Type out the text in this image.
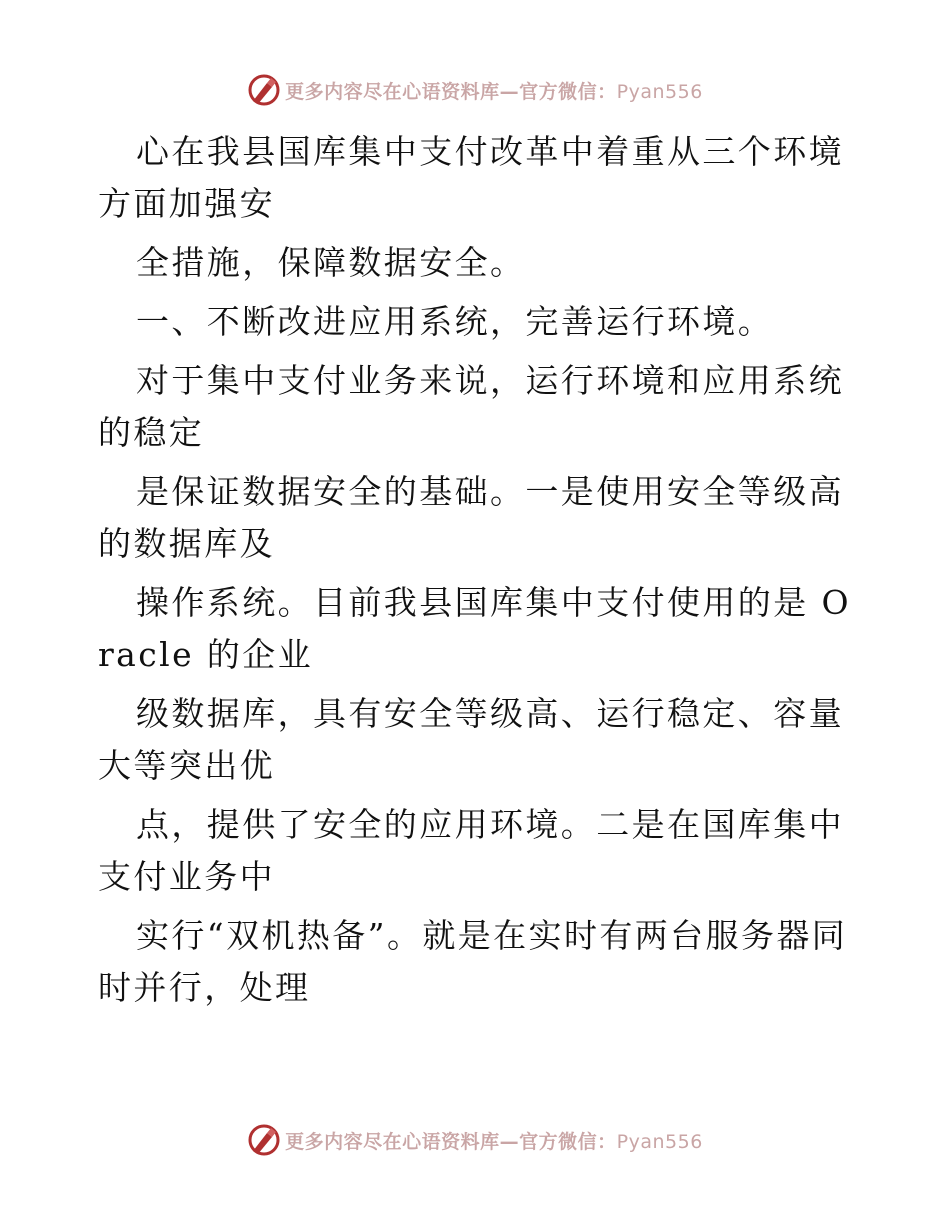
更多内容尽在心语资料库—官方微信：Pyan556

心在我县国库集中支付改革中着重从三个环境方面加强安

全措施，保障数据安全。

一、不断改进应用系统，完善运行环境。

对于集中支付业务来说，运行环境和应用系统的稳定

是保证数据安全的基础。一是使用安全等级高的数据库及

操作系统。目前我县国库集中支付使用的是 Oracle 的企业

级数据库，具有安全等级高、运行稳定、容量大等突出优

点，提供了安全的应用环境。二是在国库集中支付业务中

实行“双机热备”。就是在实时有两台服务器同时并行，处理

更多内容尽在心语资料库—官方微信：Pyan556
